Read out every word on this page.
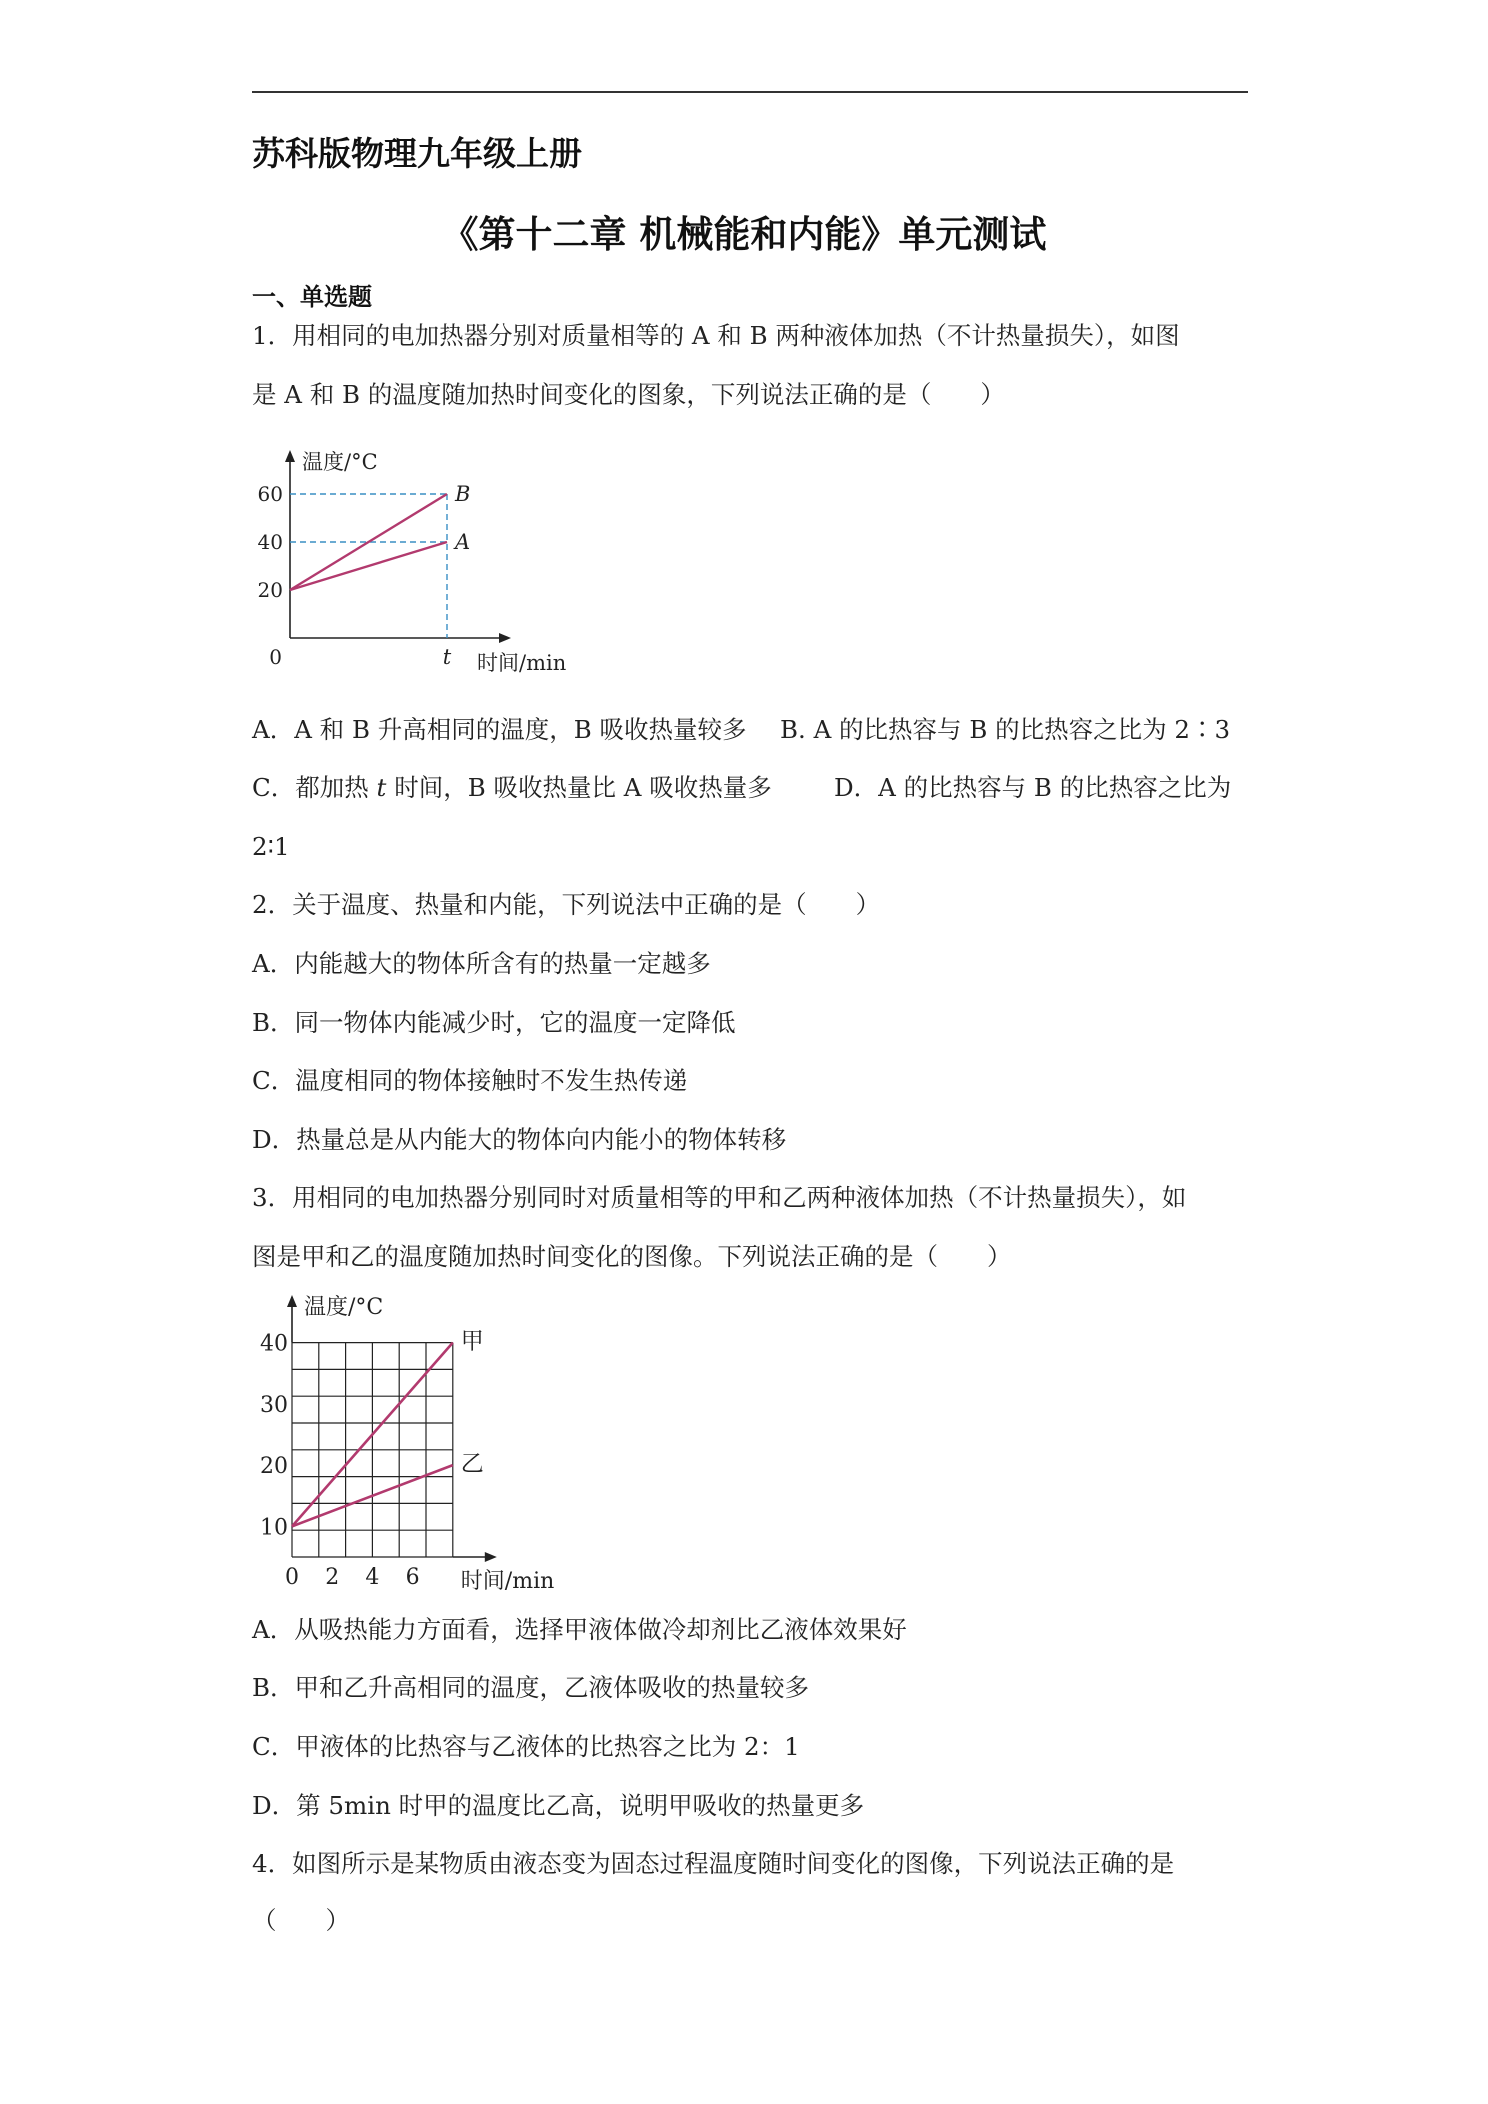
苏科版物理九年级上册
《第十二章 机械能和内能》单元测试
一、单选题
1．用相同的电加热器分别对质量相等的 A 和 B 两种液体加热（不计热量损失），如图
是 A 和 B 的温度随加热时间变化的图象，下列说法正确的是（　　）
温度/°C
时间/min
0	t
20
40
60	B
A
A．A 和 B 升高相同的温度，B 吸收热量较多 B. A 的比热容与 B 的比热容之比为 2∶3
C．都加热 t 时间，B 吸收热量比 A 吸收热量多	D．A 的比热容与 B 的比热容之比为
2∶1
2．关于温度、热量和内能，下列说法中正确的是（　　）
A．内能越大的物体所含有的热量一定越多
B．同一物体内能减少时，它的温度一定降低
C．温度相同的物体接触时不发生热传递
D．热量总是从内能大的物体向内能小的物体转移
3．用相同的电加热器分别同时对质量相等的甲和乙两种液体加热（不计热量损失），如
图是甲和乙的温度随加热时间变化的图像。下列说法正确的是（　　）
温度/°C
时间/min
10
20
30
40
0 2 4 6
甲
乙
A．从吸热能力方面看，选择甲液体做冷却剂比乙液体效果好
B．甲和乙升高相同的温度，乙液体吸收的热量较多
C．甲液体的比热容与乙液体的比热容之比为 2：1
D．第 5min 时甲的温度比乙高，说明甲吸收的热量更多
4．如图所示是某物质由液态变为固态过程温度随时间变化的图像，下列说法正确的是
（　　）
